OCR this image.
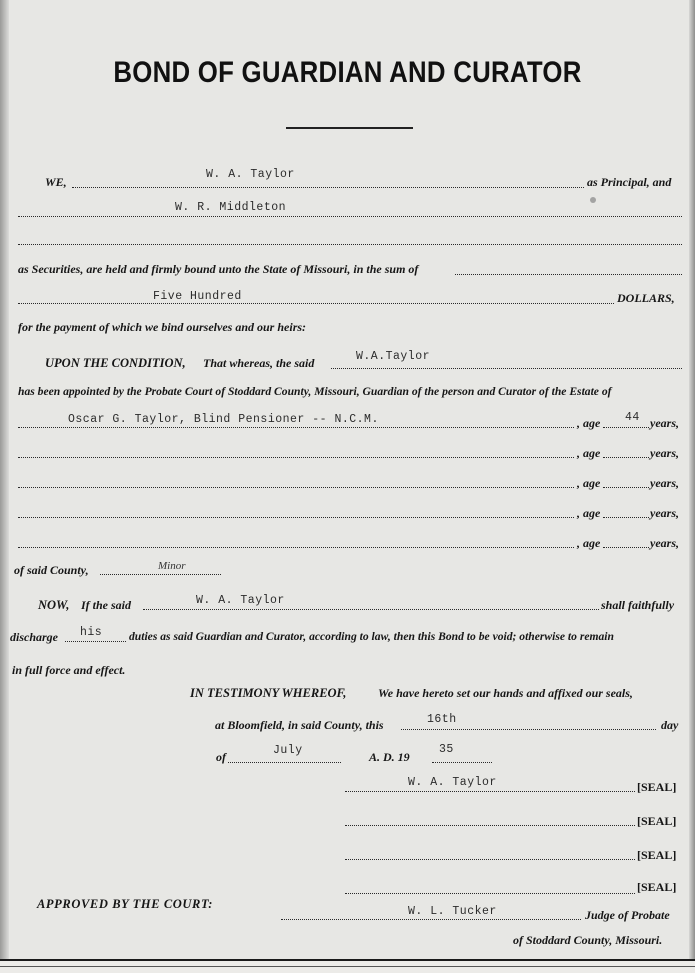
BOND OF GUARDIAN AND CURATOR
WE,
W. A. Taylor
as Principal, and
W. R. Middleton
as Securities, are held and firmly bound unto the State of Missouri, in the sum of
Five Hundred	DOLLARS,
for the payment of which we bind ourselves and our heirs:
UPON THE CONDITION, That whereas, the said	W.A.Taylor
has been appointed by the Probate Court of Stoddard County, Missouri, Guardian of the person and Curator of the Estate of
Oscar G. Taylor, Blind Pensioner -- N.C.M.	, age 44 years,
, age	years,
, age	years,
, age	years,
, age	years,
of said County,	Minor
NOW, If the said	W. A. Taylor	shall faithfully
discharge his duties as said Guardian and Curator, according to law, then this Bond to be void; otherwise to remain
in full force and effect.
IN TESTIMONY WHEREOF,	We have hereto set our hands and affixed our seals,
at Bloomfield, in said County, this	16th	day
of	July	A. D. 19
35
W. A. Taylor	[SEAL]
[SEAL]
[SEAL]
[SEAL]
APPROVED BY THE COURT:
W. L. Tucker	Judge of Probate
of Stoddard County, Missouri.
